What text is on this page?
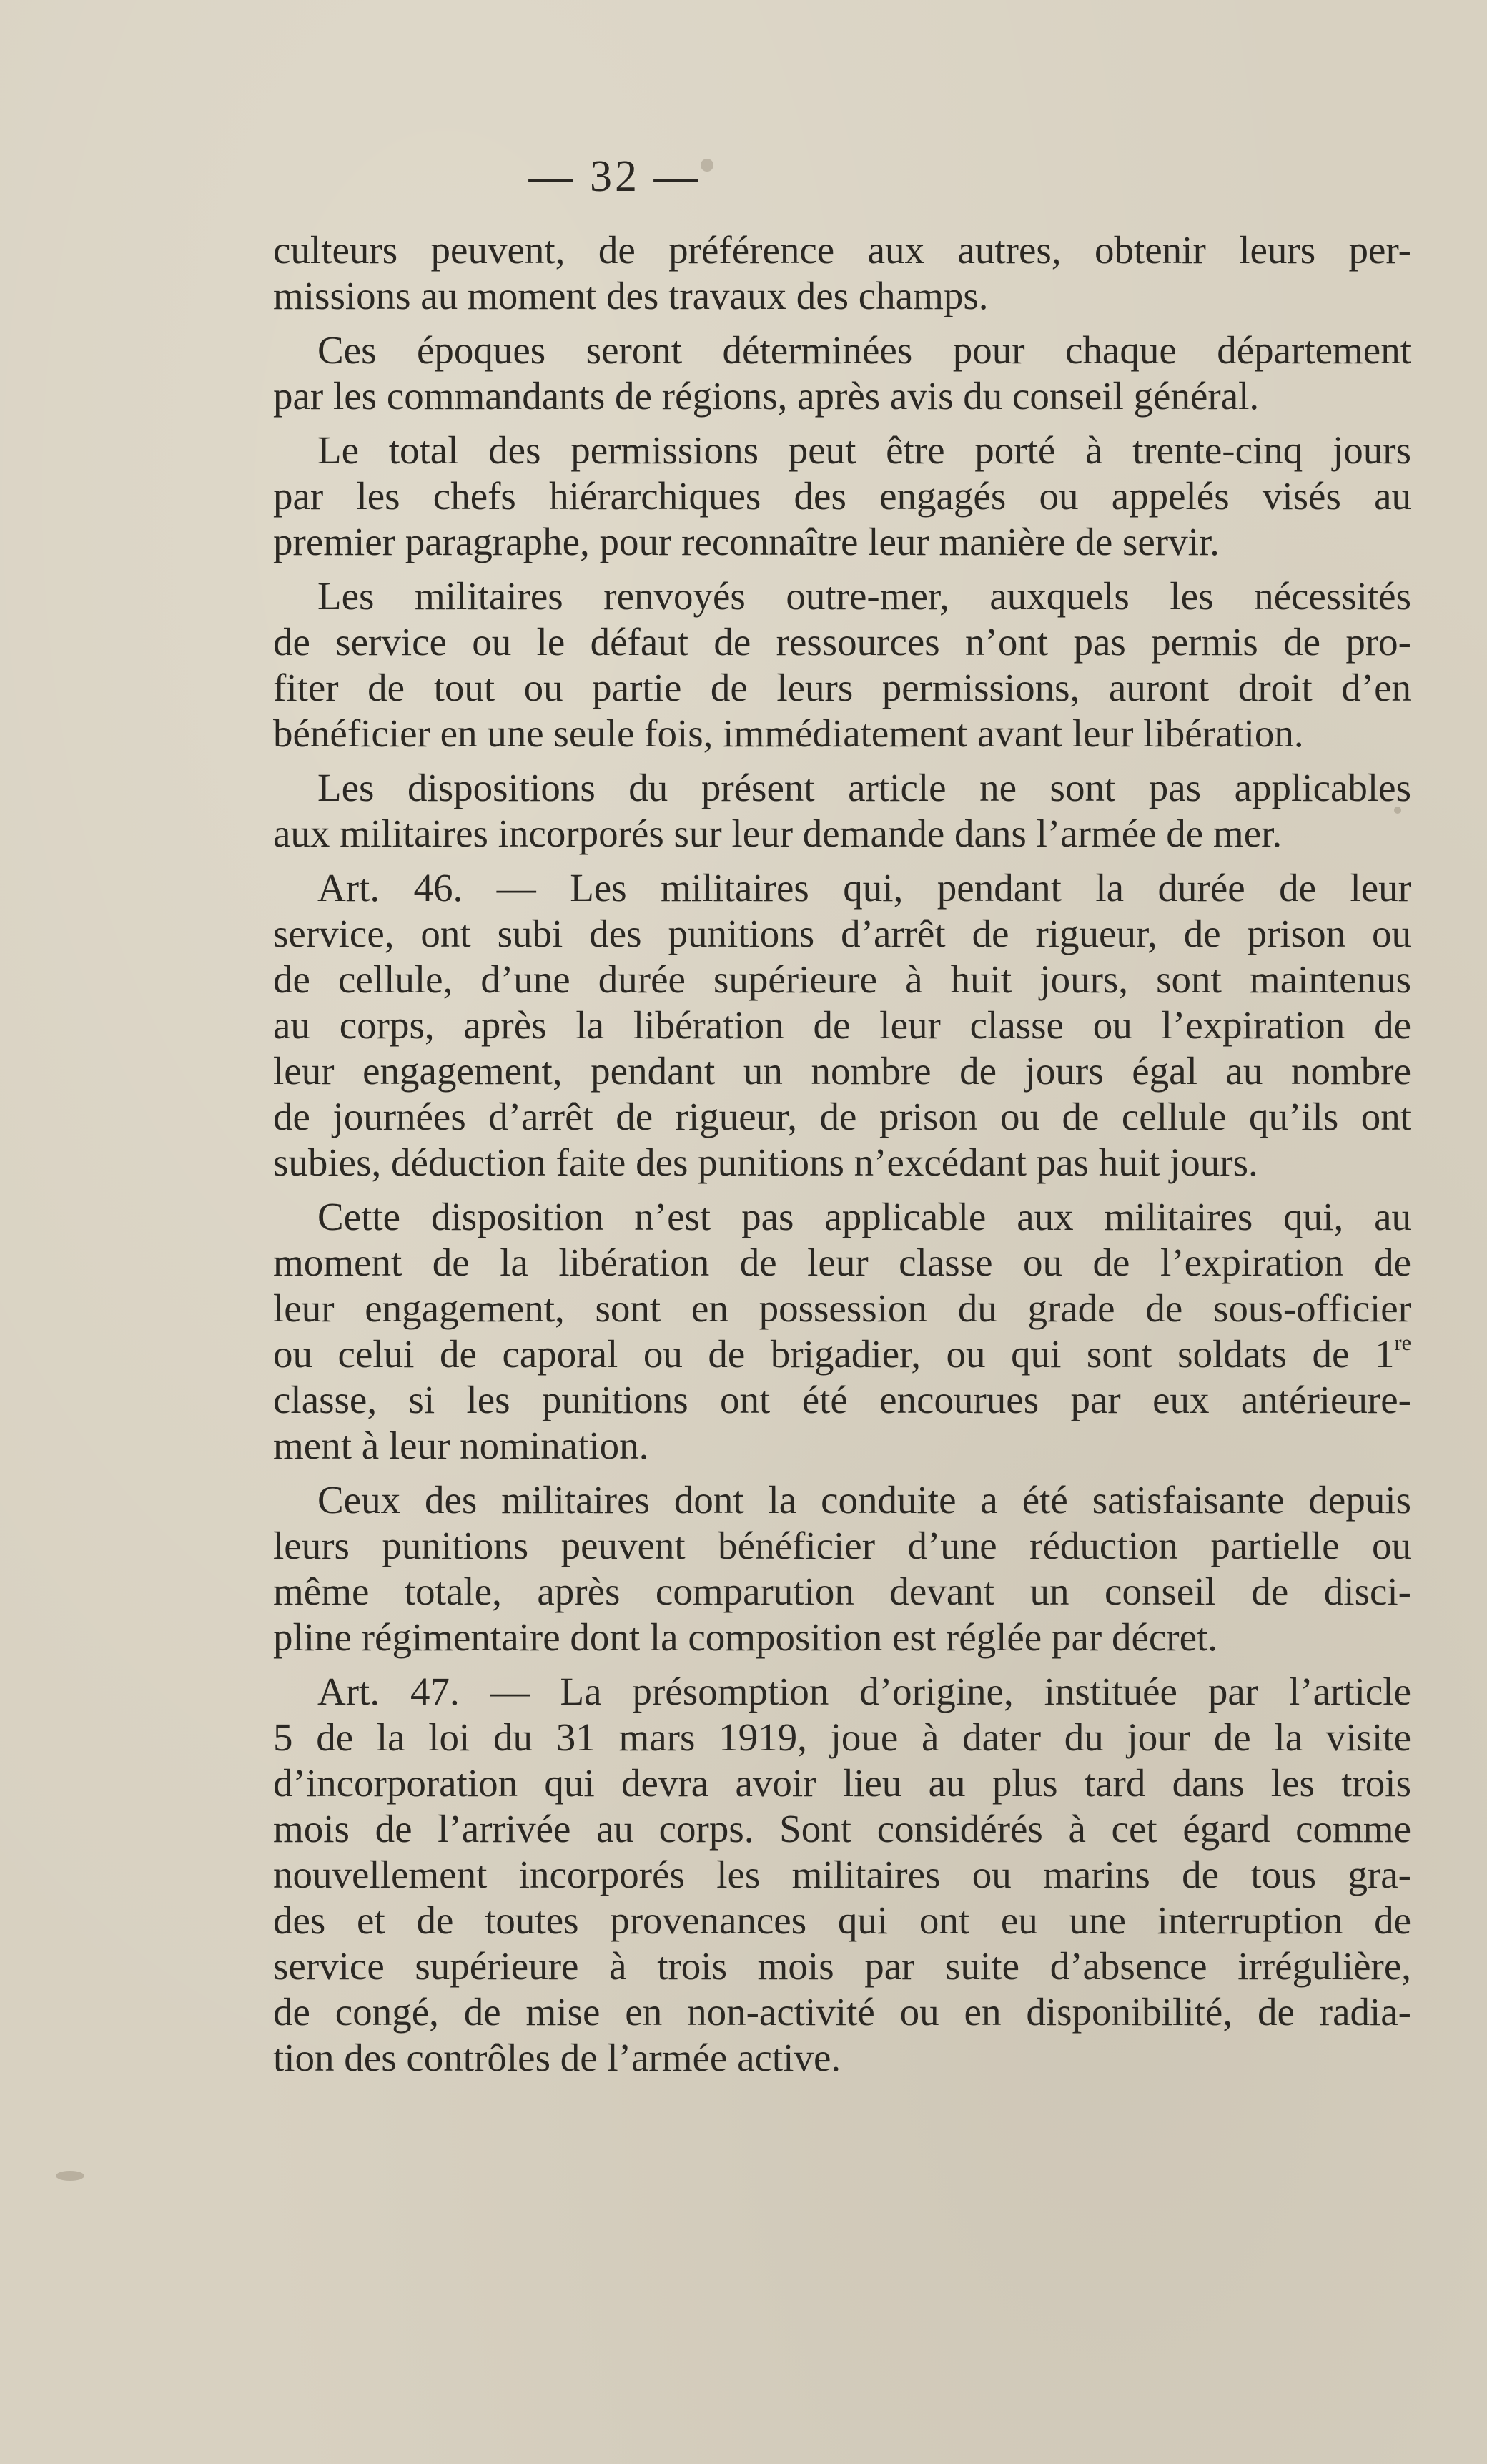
— 32 —
culteurs peuvent, de préférence aux autres, obtenir leurs per-
missions au moment des travaux des champs.
Ces époques seront déterminées pour chaque département
par les commandants de régions, après avis du conseil général.
Le total des permissions peut être porté à trente-cinq jours
par les chefs hiérarchiques des engagés ou appelés visés au
premier paragraphe, pour reconnaître leur manière de servir.
Les militaires renvoyés outre-mer, auxquels les nécessités
de service ou le défaut de ressources n’ont pas permis de pro-
fiter de tout ou partie de leurs permissions, auront droit d’en
bénéficier en une seule fois, immédiatement avant leur libération.
Les dispositions du présent article ne sont pas applicables
aux militaires incorporés sur leur demande dans l’armée de mer.
Art. 46. — Les militaires qui, pendant la durée de leur
service, ont subi des punitions d’arrêt de rigueur, de prison ou
de cellule, d’une durée supérieure à huit jours, sont maintenus
au corps, après la libération de leur classe ou l’expiration de
leur engagement, pendant un nombre de jours égal au nombre
de journées d’arrêt de rigueur, de prison ou de cellule qu’ils ont
subies, déduction faite des punitions n’excédant pas huit jours.
Cette disposition n’est pas applicable aux militaires qui, au
moment de la libération de leur classe ou de l’expiration de
leur engagement, sont en possession du grade de sous-officier
ou celui de caporal ou de brigadier, ou qui sont soldats de 1re
classe, si les punitions ont été encourues par eux antérieure-
ment à leur nomination.
Ceux des militaires dont la conduite a été satisfaisante depuis
leurs punitions peuvent bénéficier d’une réduction partielle ou
même totale, après comparution devant un conseil de disci-
pline régimentaire dont la composition est réglée par décret.
Art. 47. — La présomption d’origine, instituée par l’article
5 de la loi du 31 mars 1919, joue à dater du jour de la visite
d’incorporation qui devra avoir lieu au plus tard dans les trois
mois de l’arrivée au corps. Sont considérés à cet égard comme
nouvellement incorporés les militaires ou marins de tous gra-
des et de toutes provenances qui ont eu une interruption de
service supérieure à trois mois par suite d’absence irrégulière,
de congé, de mise en non-activité ou en disponibilité, de radia-
tion des contrôles de l’armée active.
